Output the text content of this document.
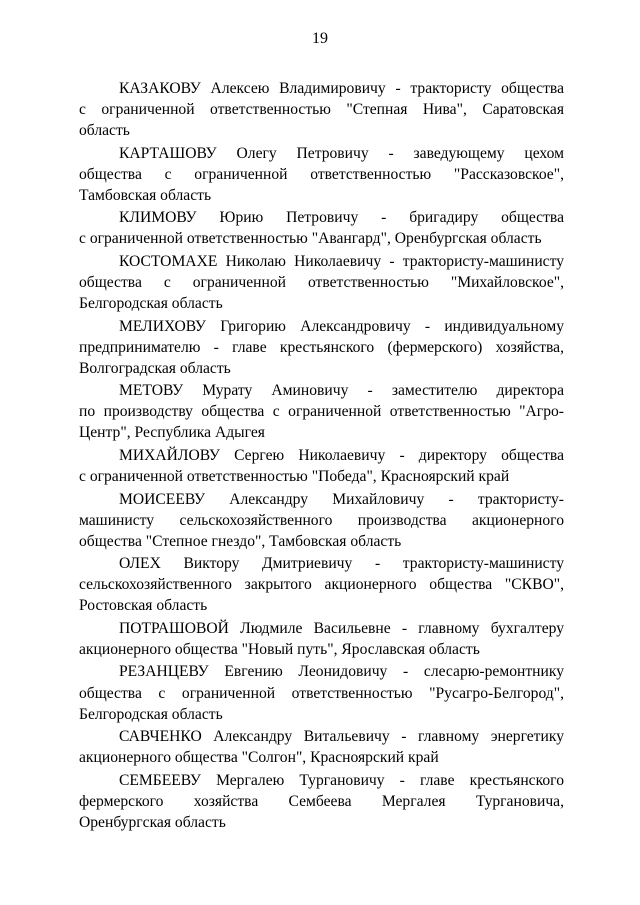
19

КАЗАКОВУ Алексею Владимировичу - трактористу общества
с ограниченной ответственностью "Степная Нива", Саратовская
область

КАРТАШОВУ Олегу Петровичу - заведующему цехом
общества с ограниченной ответственностью "Рассказовское",
Тамбовская область

КЛИМОВУ Юрию Петровичу - бригадиру общества
с ограниченной ответственностью "Авангард", Оренбургская область

КОСТОМАХЕ Николаю Николаевичу - трактористу-машинисту
общества с ограниченной ответственностью "Михайловское",
Белгородская область

МЕЛИХОВУ Григорию Александровичу - индивидуальному
предпринимателю - главе крестьянского (фермерского) хозяйства,
Волгоградская область

МЕТОВУ Мурату Аминовичу - заместителю директора
по производству общества с ограниченной ответственностью "Агро-
Центр", Республика Адыгея

МИХАЙЛОВУ Сергею Николаевичу - директору общества
с ограниченной ответственностью "Победа", Красноярский край

МОИСЕЕВУ Александру Михайловичу - трактористу-
машинисту сельскохозяйственного производства акционерного
общества "Степное гнездо", Тамбовская область

ОЛЕХ Виктору Дмитриевичу - трактористу-машинисту
сельскохозяйственного закрытого акционерного общества "СКВО",
Ростовская область

ПОТРАШОВОЙ Людмиле Васильевне - главному бухгалтеру
акционерного общества "Новый путь", Ярославская область

РЕЗАНЦЕВУ Евгению Леонидовичу - слесарю-ремонтнику
общества с ограниченной ответственностью "Русагро-Белгород",
Белгородская область

САВЧЕНКО Александру Витальевичу - главному энергетику
акционерного общества "Солгон", Красноярский край

СЕМБЕЕВУ Мергалею Тургановичу - главе крестьянского
фермерского хозяйства Сембеева Мергалея Тургановича,
Оренбургская область
